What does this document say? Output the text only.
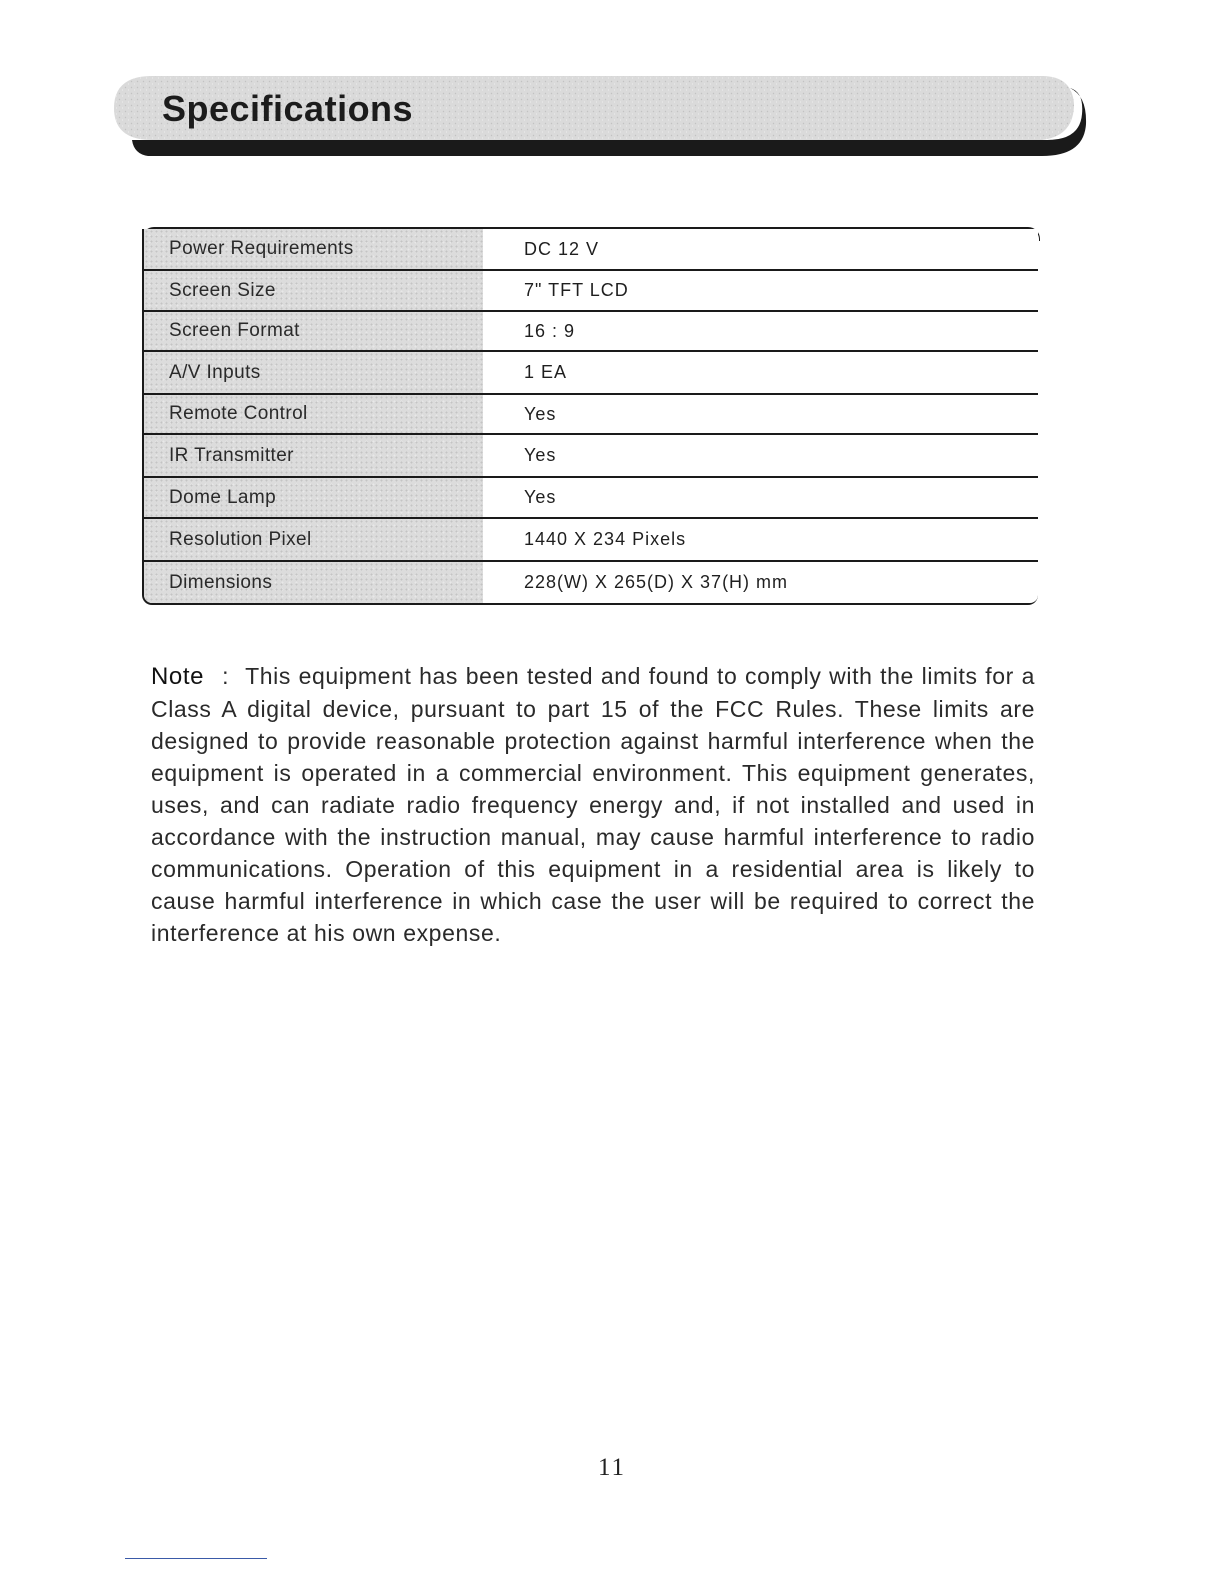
Specifications
Power Requirements	DC 12 V
Screen Size	7" TFT LCD
Screen Format	16 : 9
A/V Inputs	1 EA
Remote Control	Yes
IR Transmitter	Yes
Dome Lamp	Yes
Resolution Pixel	1440 X 234 Pixels
Dimensions	228(W) X 265(D) X 37(H) mm

Note : This equipment has been tested and found to comply with the limits for a Class A digital device, pursuant to part 15 of the FCC Rules. These limits are designed to provide reasonable protection against harmful interference when the equipment is operated in a commercial environment. This equipment generates, uses, and can radiate radio frequency energy and, if not installed and used in accordance with the instruction manual, may cause harmful interference to radio communications. Operation of this equipment in a residential area is likely to cause harmful interference in which case the user will be required to correct the interference at his own expense.

11
